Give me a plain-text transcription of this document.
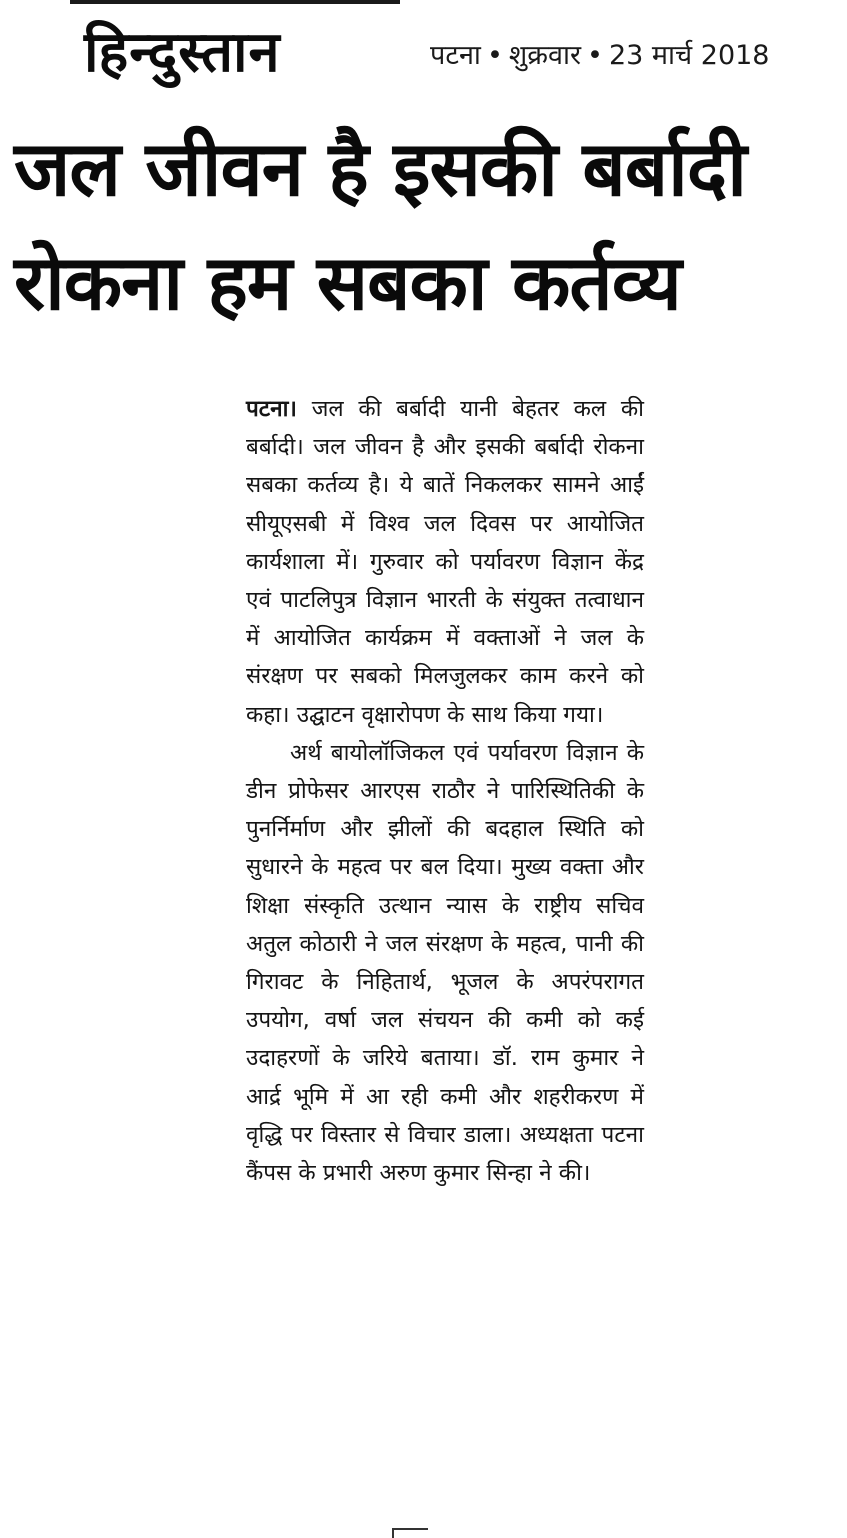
हिन्दुस्तान	पटना • शुक्रवार • 23 मार्च 2018
जल जीवन है इसकी बर्बादी
रोकना हम सबका कर्तव्य

पटना। जल की बर्बादी यानी बेहतर कल की बर्बादी। जल जीवन है और इसकी बर्बादी रोकना सबका कर्तव्य है। ये बातें निकलकर सामने आईं सीयूएसबी में विश्व जल दिवस पर आयोजित कार्यशाला में। गुरुवार को पर्यावरण विज्ञान केंद्र एवं पाटलिपुत्र विज्ञान भारती के संयुक्त तत्वाधान में आयोजित कार्यक्रम में वक्ताओं ने जल के संरक्षण पर सबको मिलजुलकर काम करने को कहा। उद्घाटन वृक्षारोपण के साथ किया गया।

अर्थ बायोलॉजिकल एवं पर्यावरण विज्ञान के डीन प्रोफेसर आरएस राठौर ने पारिस्थितिकी के पुनर्निर्माण और झीलों की बदहाल स्थिति को सुधारने के महत्व पर बल दिया। मुख्य वक्ता और शिक्षा संस्कृति उत्थान न्यास के राष्ट्रीय सचिव अतुल कोठारी ने जल संरक्षण के महत्व, पानी की गिरावट के निहितार्थ, भूजल के अपरंपरागत उपयोग, वर्षा जल संचयन की कमी को कई उदाहरणों के जरिये बताया। डॉ. राम कुमार ने आर्द्र भूमि में आ रही कमी और शहरीकरण में वृद्धि पर विस्तार से विचार डाला। अध्यक्षता पटना कैंपस के प्रभारी अरुण कुमार सिन्हा ने की।
